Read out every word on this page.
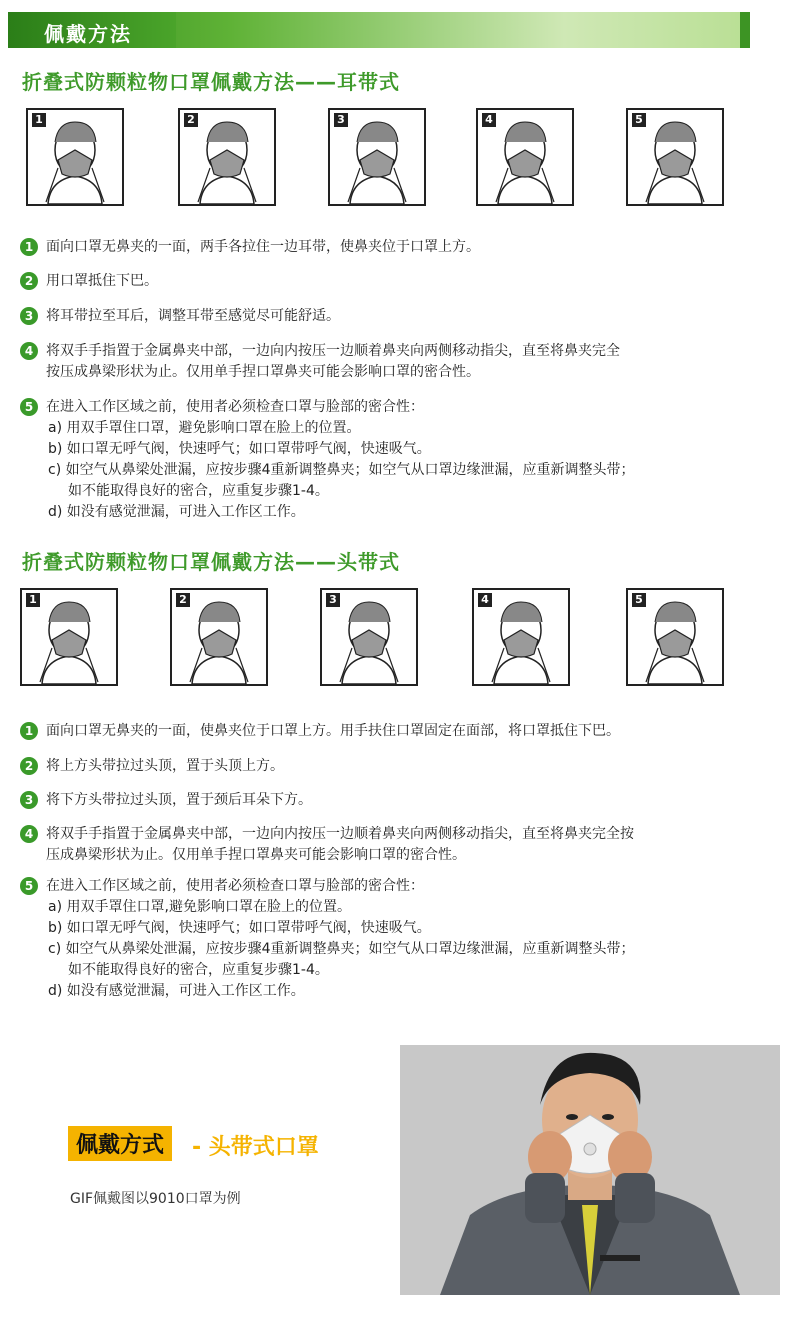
佩戴方法
折叠式防颗粒物口罩佩戴方法——耳带式
1	2	3	4	5
1 面向口罩无鼻夹的一面，两手各拉住一边耳带，使鼻夹位于口罩上方。
2 用口罩抵住下巴。
3 将耳带拉至耳后，调整耳带至感觉尽可能舒适。
4 将双手手指置于金属鼻夹中部，一边向内按压一边顺着鼻夹向两侧移动指尖，直至将鼻夹完全
按压成鼻梁形状为止。仅用单手捏口罩鼻夹可能会影响口罩的密合性。
5 在进入工作区域之前，使用者必须检查口罩与脸部的密合性：
a) 用双手罩住口罩，避免影响口罩在脸上的位置。
b) 如口罩无呼气阀，快速呼气；如口罩带呼气阀，快速吸气。
c) 如空气从鼻梁处泄漏，应按步骤4重新调整鼻夹；如空气从口罩边缘泄漏，应重新调整头带；
如不能取得良好的密合，应重复步骤1-4。
d) 如没有感觉泄漏，可进入工作区工作。
折叠式防颗粒物口罩佩戴方法——头带式
1	2	3	4	5
1 面向口罩无鼻夹的一面，使鼻夹位于口罩上方。用手扶住口罩固定在面部，将口罩抵住下巴。
2 将上方头带拉过头顶，置于头顶上方。
3 将下方头带拉过头顶，置于颈后耳朵下方。
4 将双手手指置于金属鼻夹中部，一边向内按压一边顺着鼻夹向两侧移动指尖，直至将鼻夹完全按
压成鼻梁形状为止。仅用单手捏口罩鼻夹可能会影响口罩的密合性。
5 在进入工作区域之前，使用者必须检查口罩与脸部的密合性：
a) 用双手罩住口罩,避免影响口罩在脸上的位置。
b) 如口罩无呼气阀，快速呼气；如口罩带呼气阀，快速吸气。
c) 如空气从鼻梁处泄漏，应按步骤4重新调整鼻夹；如空气从口罩边缘泄漏，应重新调整头带；
如不能取得良好的密合，应重复步骤1-4。
d) 如没有感觉泄漏，可进入工作区工作。
佩戴方式	- 头带式口罩
GIF佩戴图以9010口罩为例
